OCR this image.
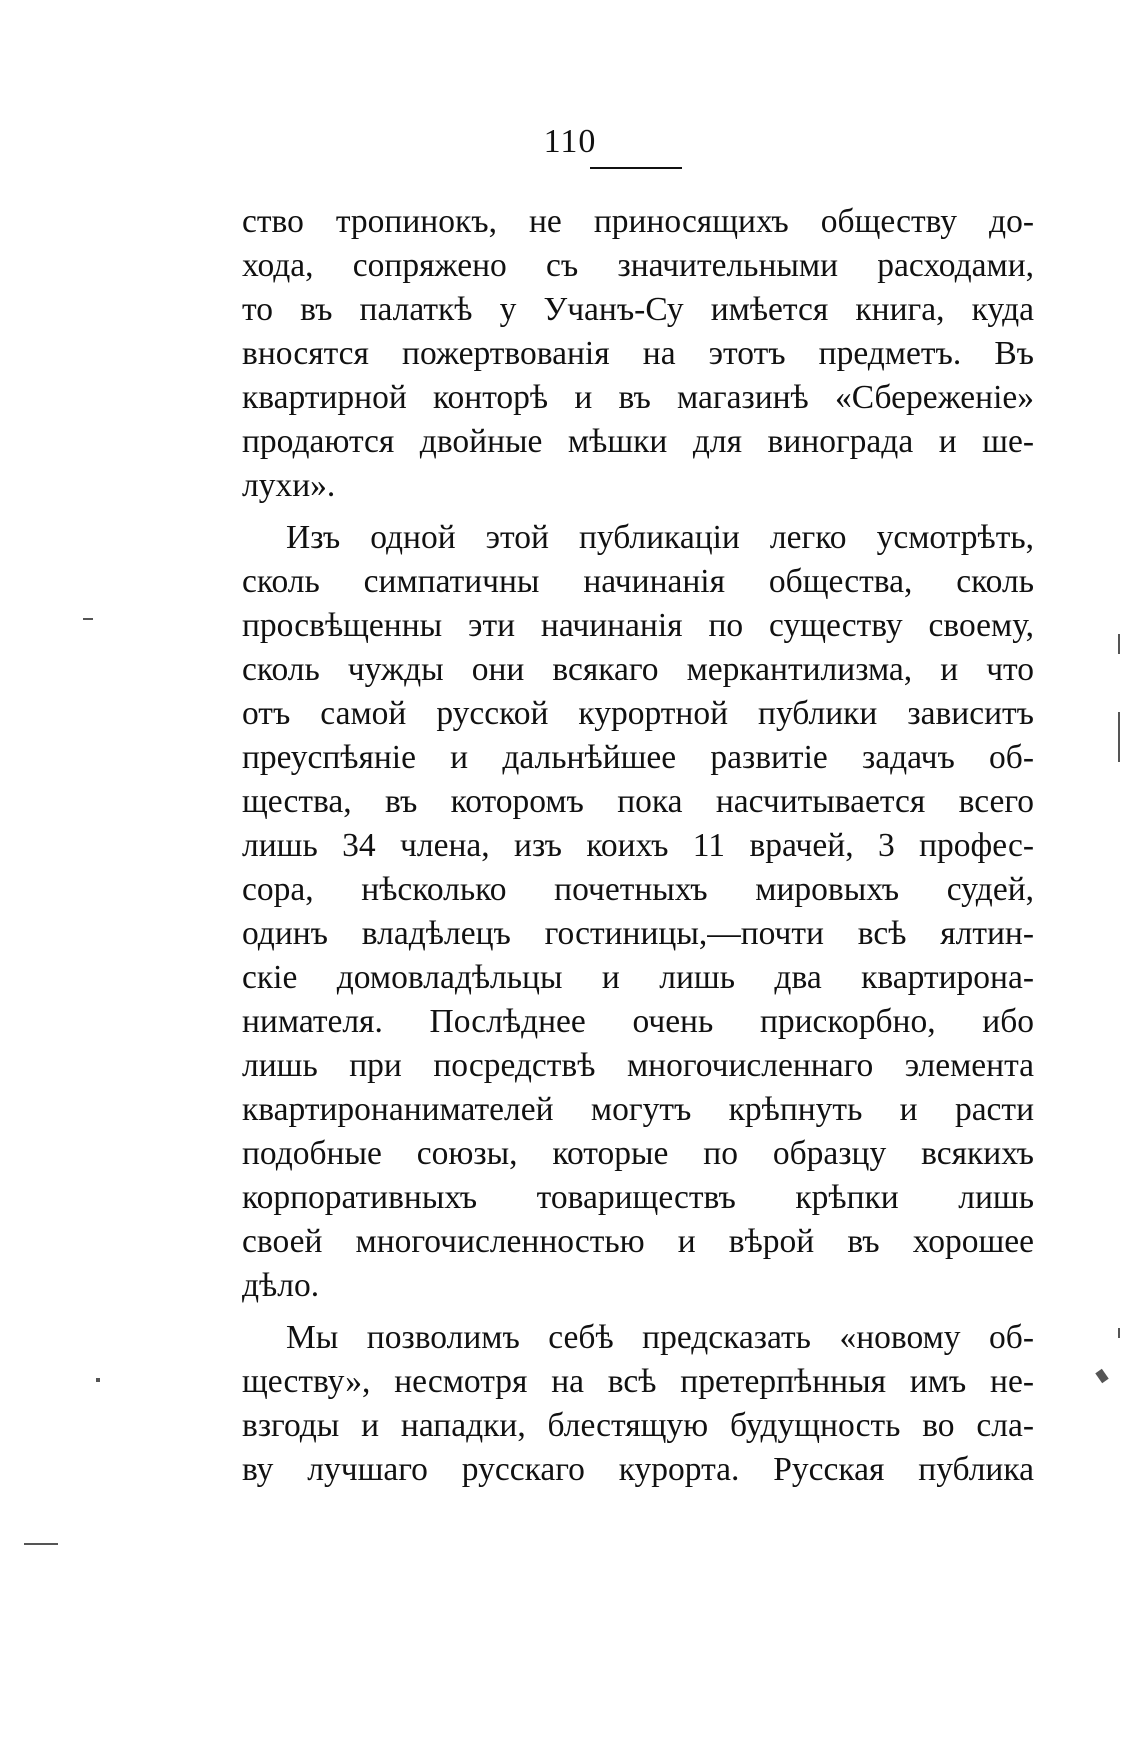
110
ство тропинокъ, не приносящихъ обществу до-
хода, сопряжено съ значительными расходами,
то въ палаткѣ у Учанъ-Су имѣется книга, куда
вносятся пожертвованія на этотъ предметъ. Въ
квартирной конторѣ и въ магазинѣ «Сбереженіе»
продаются двойные мѣшки для винограда и ше-
лухи».
Изъ одной этой публикаціи легко усмотрѣть,
сколь симпатичны начинанія общества, сколь
просвѣщенны эти начинанія по существу своему,
сколь чужды они всякаго меркантилизма, и что
отъ самой русской курортной публики зависитъ
преуспѣяніе и дальнѣйшее развитіе задачъ об-
щества, въ которомъ пока насчитывается всего
лишь 34 члена, изъ коихъ 11 врачей, 3 профес-
сора, нѣсколько почетныхъ мировыхъ судей,
одинъ владѣлецъ гостиницы,—почти всѣ ялтин-
скіе домовладѣльцы и лишь два квартирона-
нимателя. Послѣднее очень прискорбно, ибо
лишь при посредствѣ многочисленнаго элемента
квартиронанимателей могутъ крѣпнуть и расти
подобные союзы, которые по образцу всякихъ
корпоративныхъ товариществъ крѣпки лишь
своей многочисленностью и вѣрой въ хорошее
дѣло.
Мы позволимъ себѣ предсказать «новому об-
ществу», несмотря на всѣ претерпѣнныя имъ не-
взгоды и нападки, блестящую будущность во сла-
ву лучшаго русскаго курорта. Русская публика
